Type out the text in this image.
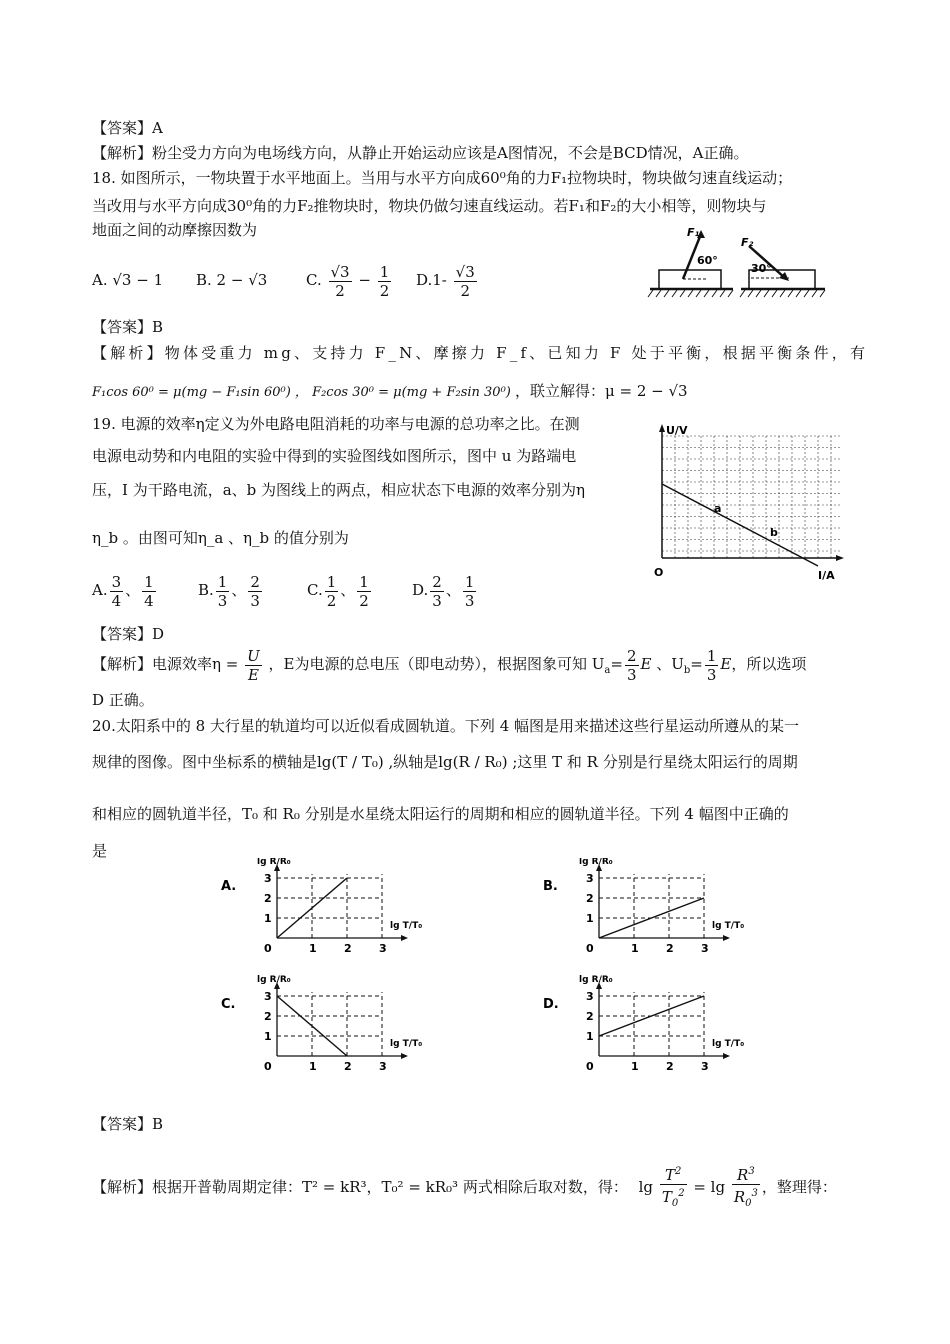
【答案】A
【解析】粉尘受力方向为电场线方向，从静止开始运动应该是A图情况，不会是BCD情况，A正确。
18. 如图所示，一物块置于水平地面上。当用与水平方向成60⁰角的力F₁拉物块时，物块做匀速直线运动；
当改用与水平方向成30⁰角的力F₂推物块时，物块仍做匀速直线运动。若F₁和F₂的大小相等，则物块与
地面之间的动摩擦因数为
A. √3 − 1 B. 2 − √3	C. $\frac{√3}{2} - \frac{1}{2} D.1- \frac{√3}{2}$
F₁
60°
F₂
30°
【答案】B
【解析】物体受重力 mg、支持力 F_N、摩擦力 F_f、已知力 F 处于平衡，根据平衡条件，有
F₁cos 60⁰ = μ(mg − F₁sin 60⁰) ， F₂cos 30⁰ = μ(mg + F₂sin 30⁰) ，联立解得：μ = 2 − √3
19. 电源的效率η定义为外电路电阻消耗的功率与电源的总功率之比。在测
电源电动势和内电阻的实验中得到的实验图线如图所示，图中 u 为路端电
压，I 为干路电流，a、b 为图线上的两点，相应状态下电源的效率分别为η
η_b 。由图可知η_a 、η_b 的值分别为
A. $\frac{3}{4}$ 、 $\frac{1}{4}$	B. $\frac{1}{3}$ 、 $\frac{2}{3}$	C. $\frac{1}{2}$ 、 $\frac{1}{2}$	D. $\frac{2}{3}$ 、 $\frac{1}{3}$
U/V
I/A
O
a
b
【答案】D
【解析】电源效率$\eta = \frac{U}{E}$ ，E为电源的总电压（即电动势），根据图象可知 $U_a= \frac{2}{3}$ E 、$U_b= \frac{1}{3}$ E，所以选项
D 正确。
20.太阳系中的 8 大行星的轨道均可以近似看成圆轨道。下列 4 幅图是用来描述这些行星运动所遵从的某一
规律的图像。图中坐标系的横轴是lg(T / T₀) ,纵轴是lg(R / R₀) ;这里 T 和 R 分别是行星绕太阳运行的周期
和相应的圆轨道半径，T₀ 和 R₀ 分别是水星绕太阳运行的周期和相应的圆轨道半径。下列 4 幅图中正确的
是
A.
1
1
2
2
3
3
0
lg R/R₀
lg T/T₀
B.
1
1
2
2
3
3
0
lg R/R₀
lg T/T₀
C.
1
1
2
2
3
3
0
lg R/R₀
lg T/T₀
D.
1
1
2
2
3
3
0
lg R/R₀
lg T/T₀
【答案】B
【解析】根据开普勒周期定律：T² = kR³，T₀² = kR₀³ 两式相除后取对数，得： $\lg \frac{T^2}{T_0^2} = \lg \frac{R^3}{R_0^3}$ ，整理得：
